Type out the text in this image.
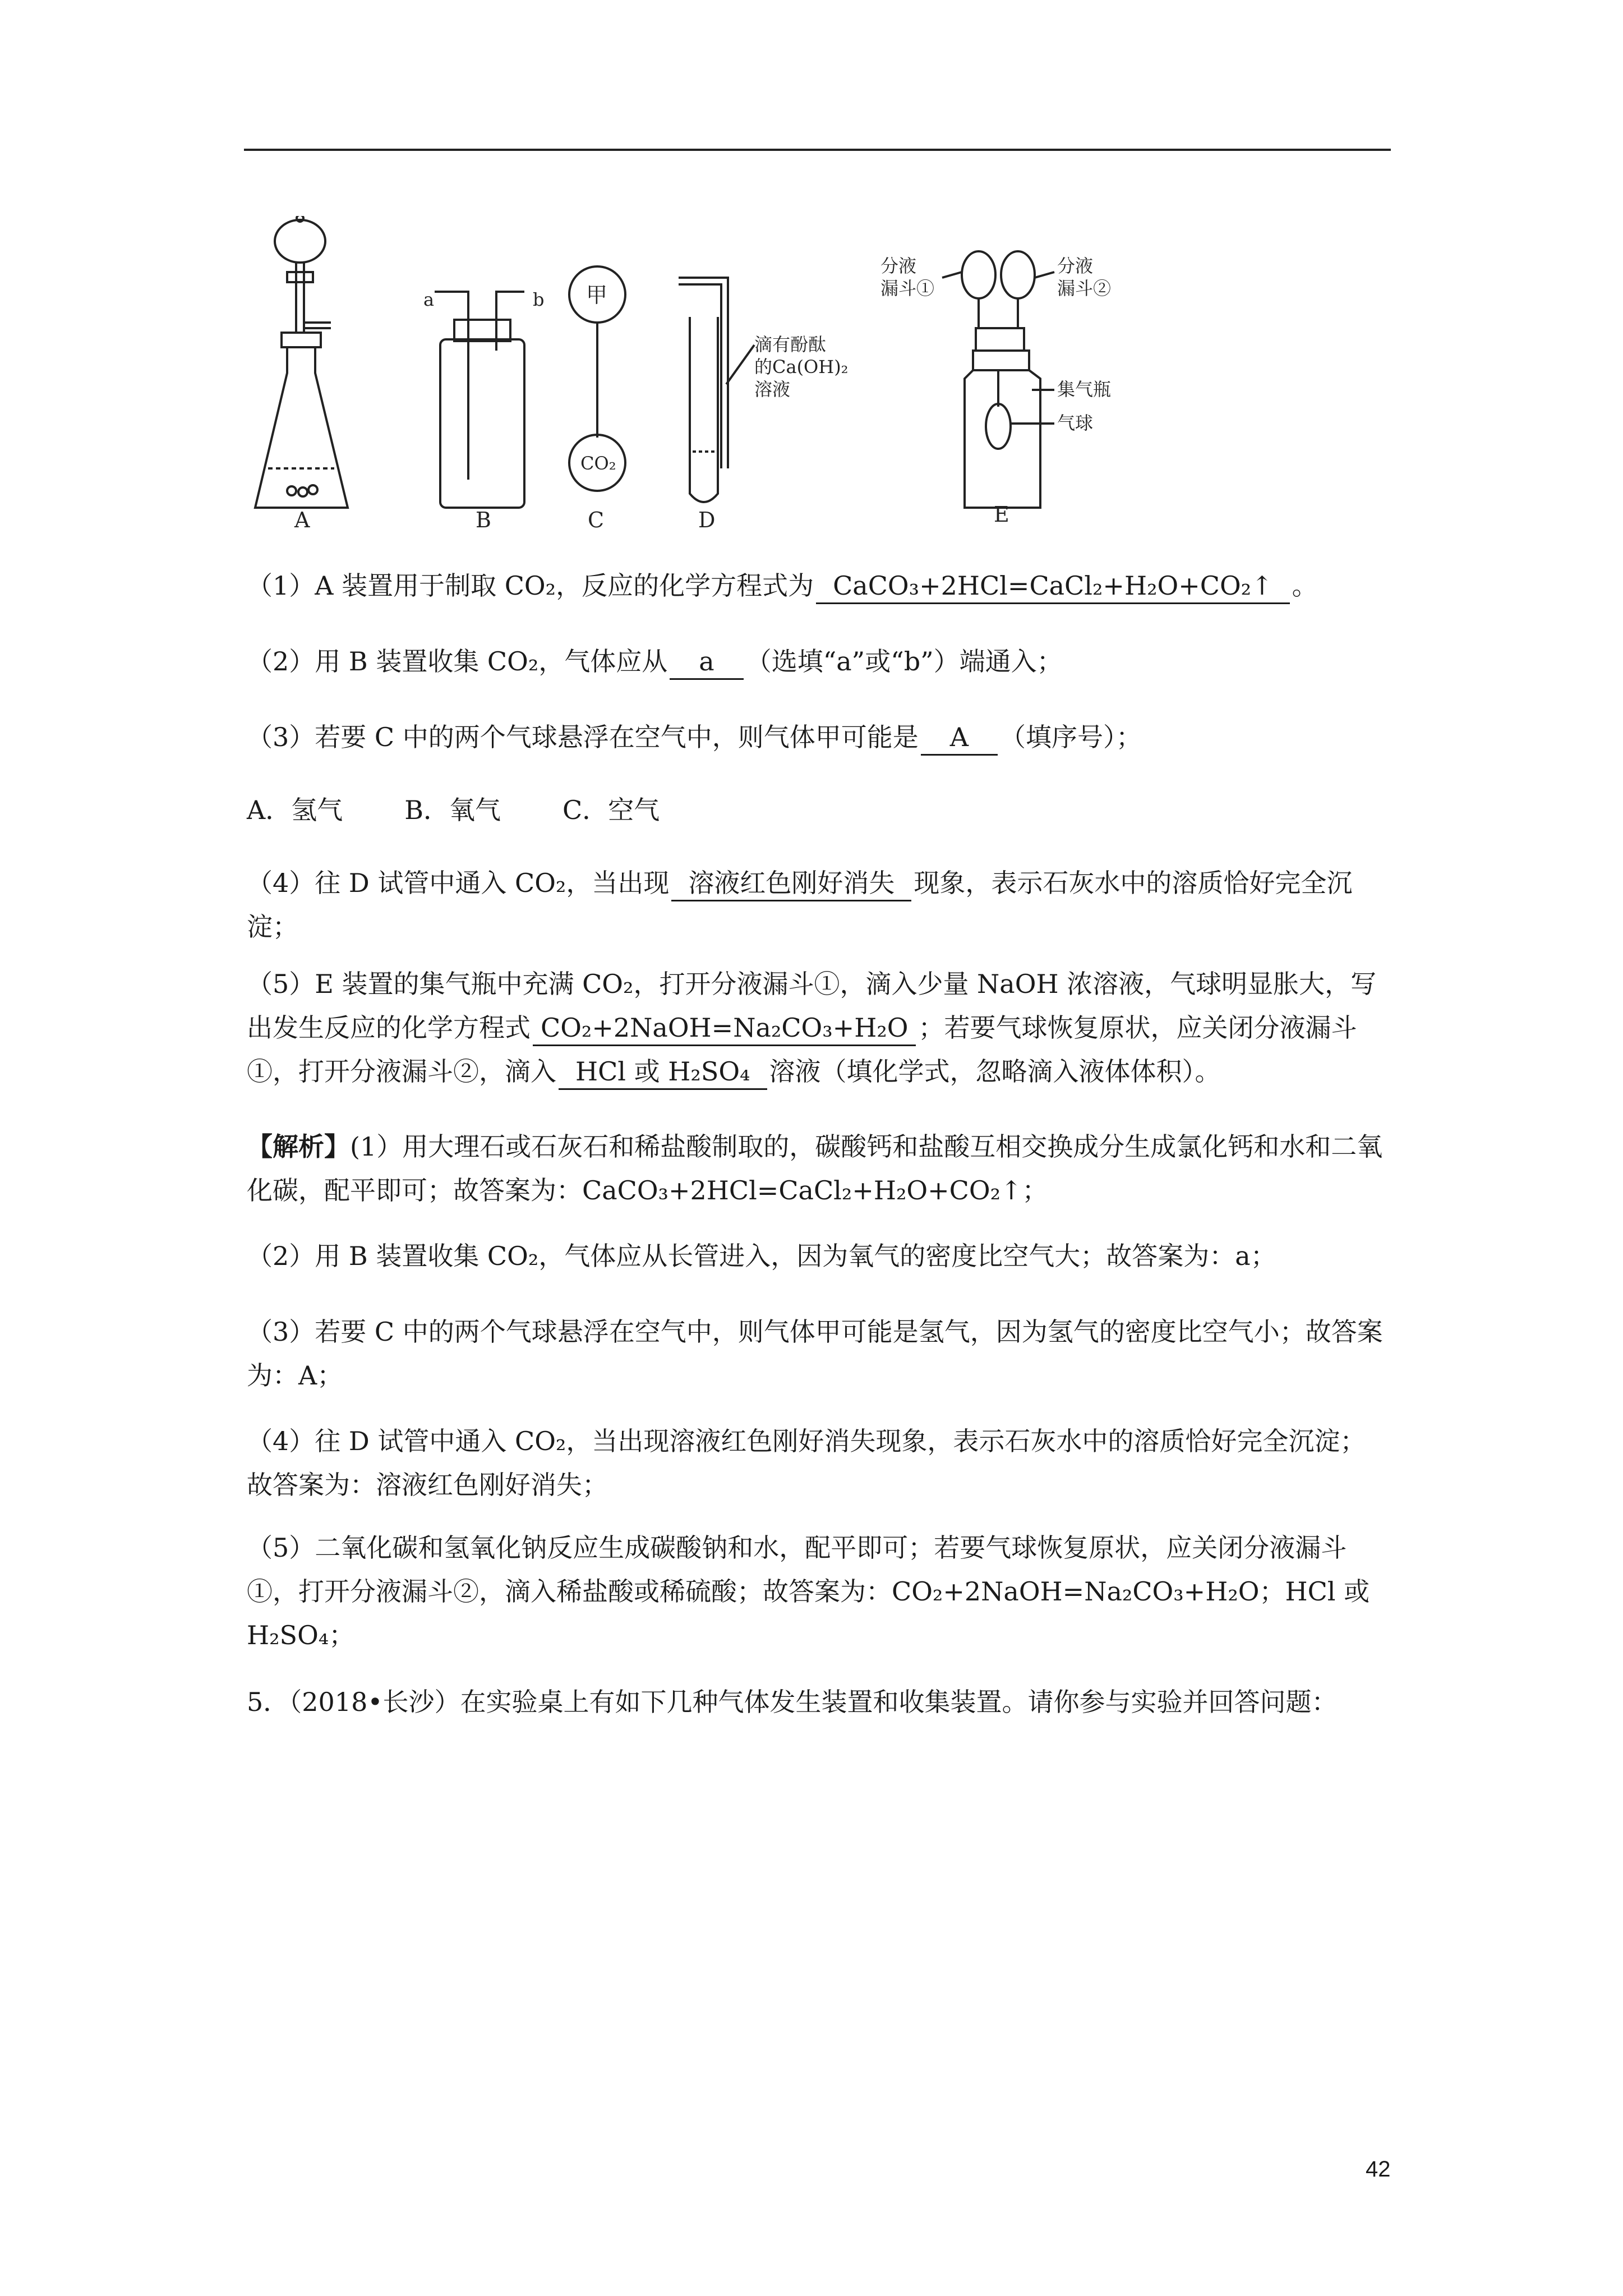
A	B	C	D	E
a	b 甲
CO₂
滴有酚酞
的Ca(OH)₂
溶液
分液
漏斗①
分液
漏斗②
集气瓶
气球
（1）A 装置用于制取 CO₂，反应的化学方程式为 CaCO₃+2HCl=CaCl₂+H₂O+CO₂↑ 。
（2）用 B 装置收集 CO₂，气体应从 a （选填“a”或“b”）端通入；
（3）若要 C 中的两个气球悬浮在空气中，则气体甲可能是 A （填序号）；
A．氢气 B．氧气 C．空气
（4）往 D 试管中通入 CO₂，当出现 溶液红色刚好消失 现象，表示石灰水中的溶质恰好完全沉淀；
（5）E 装置的集气瓶中充满 CO₂，打开分液漏斗①，滴入少量 NaOH 浓溶液，气球明显胀大，写出发生反应的化学方程式 CO₂+2NaOH=Na₂CO₃+H₂O ；若要气球恢复原状，应关闭分液漏斗①，打开分液漏斗②，滴入 HCl 或 H₂SO₄ 溶液（填化学式，忽略滴入液体体积）。
【解析】(1）用大理石或石灰石和稀盐酸制取的，碳酸钙和盐酸互相交换成分生成氯化钙和水和二氧化碳，配平即可；故答案为：CaCO₃+2HCl=CaCl₂+H₂O+CO₂↑；
（2）用 B 装置收集 CO₂，气体应从长管进入，因为氧气的密度比空气大；故答案为：a；
（3）若要 C 中的两个气球悬浮在空气中，则气体甲可能是氢气，因为氢气的密度比空气小；故答案为：A；
（4）往 D 试管中通入 CO₂，当出现溶液红色刚好消失现象，表示石灰水中的溶质恰好完全沉淀；故答案为：溶液红色刚好消失；
（5）二氧化碳和氢氧化钠反应生成碳酸钠和水，配平即可；若要气球恢复原状，应关闭分液漏斗①，打开分液漏斗②，滴入稀盐酸或稀硫酸；故答案为：CO₂+2NaOH=Na₂CO₃+H₂O；HCl 或 H₂SO₄；
5．（2018•长沙）在实验桌上有如下几种气体发生装置和收集装置。请你参与实验并回答问题：
42
